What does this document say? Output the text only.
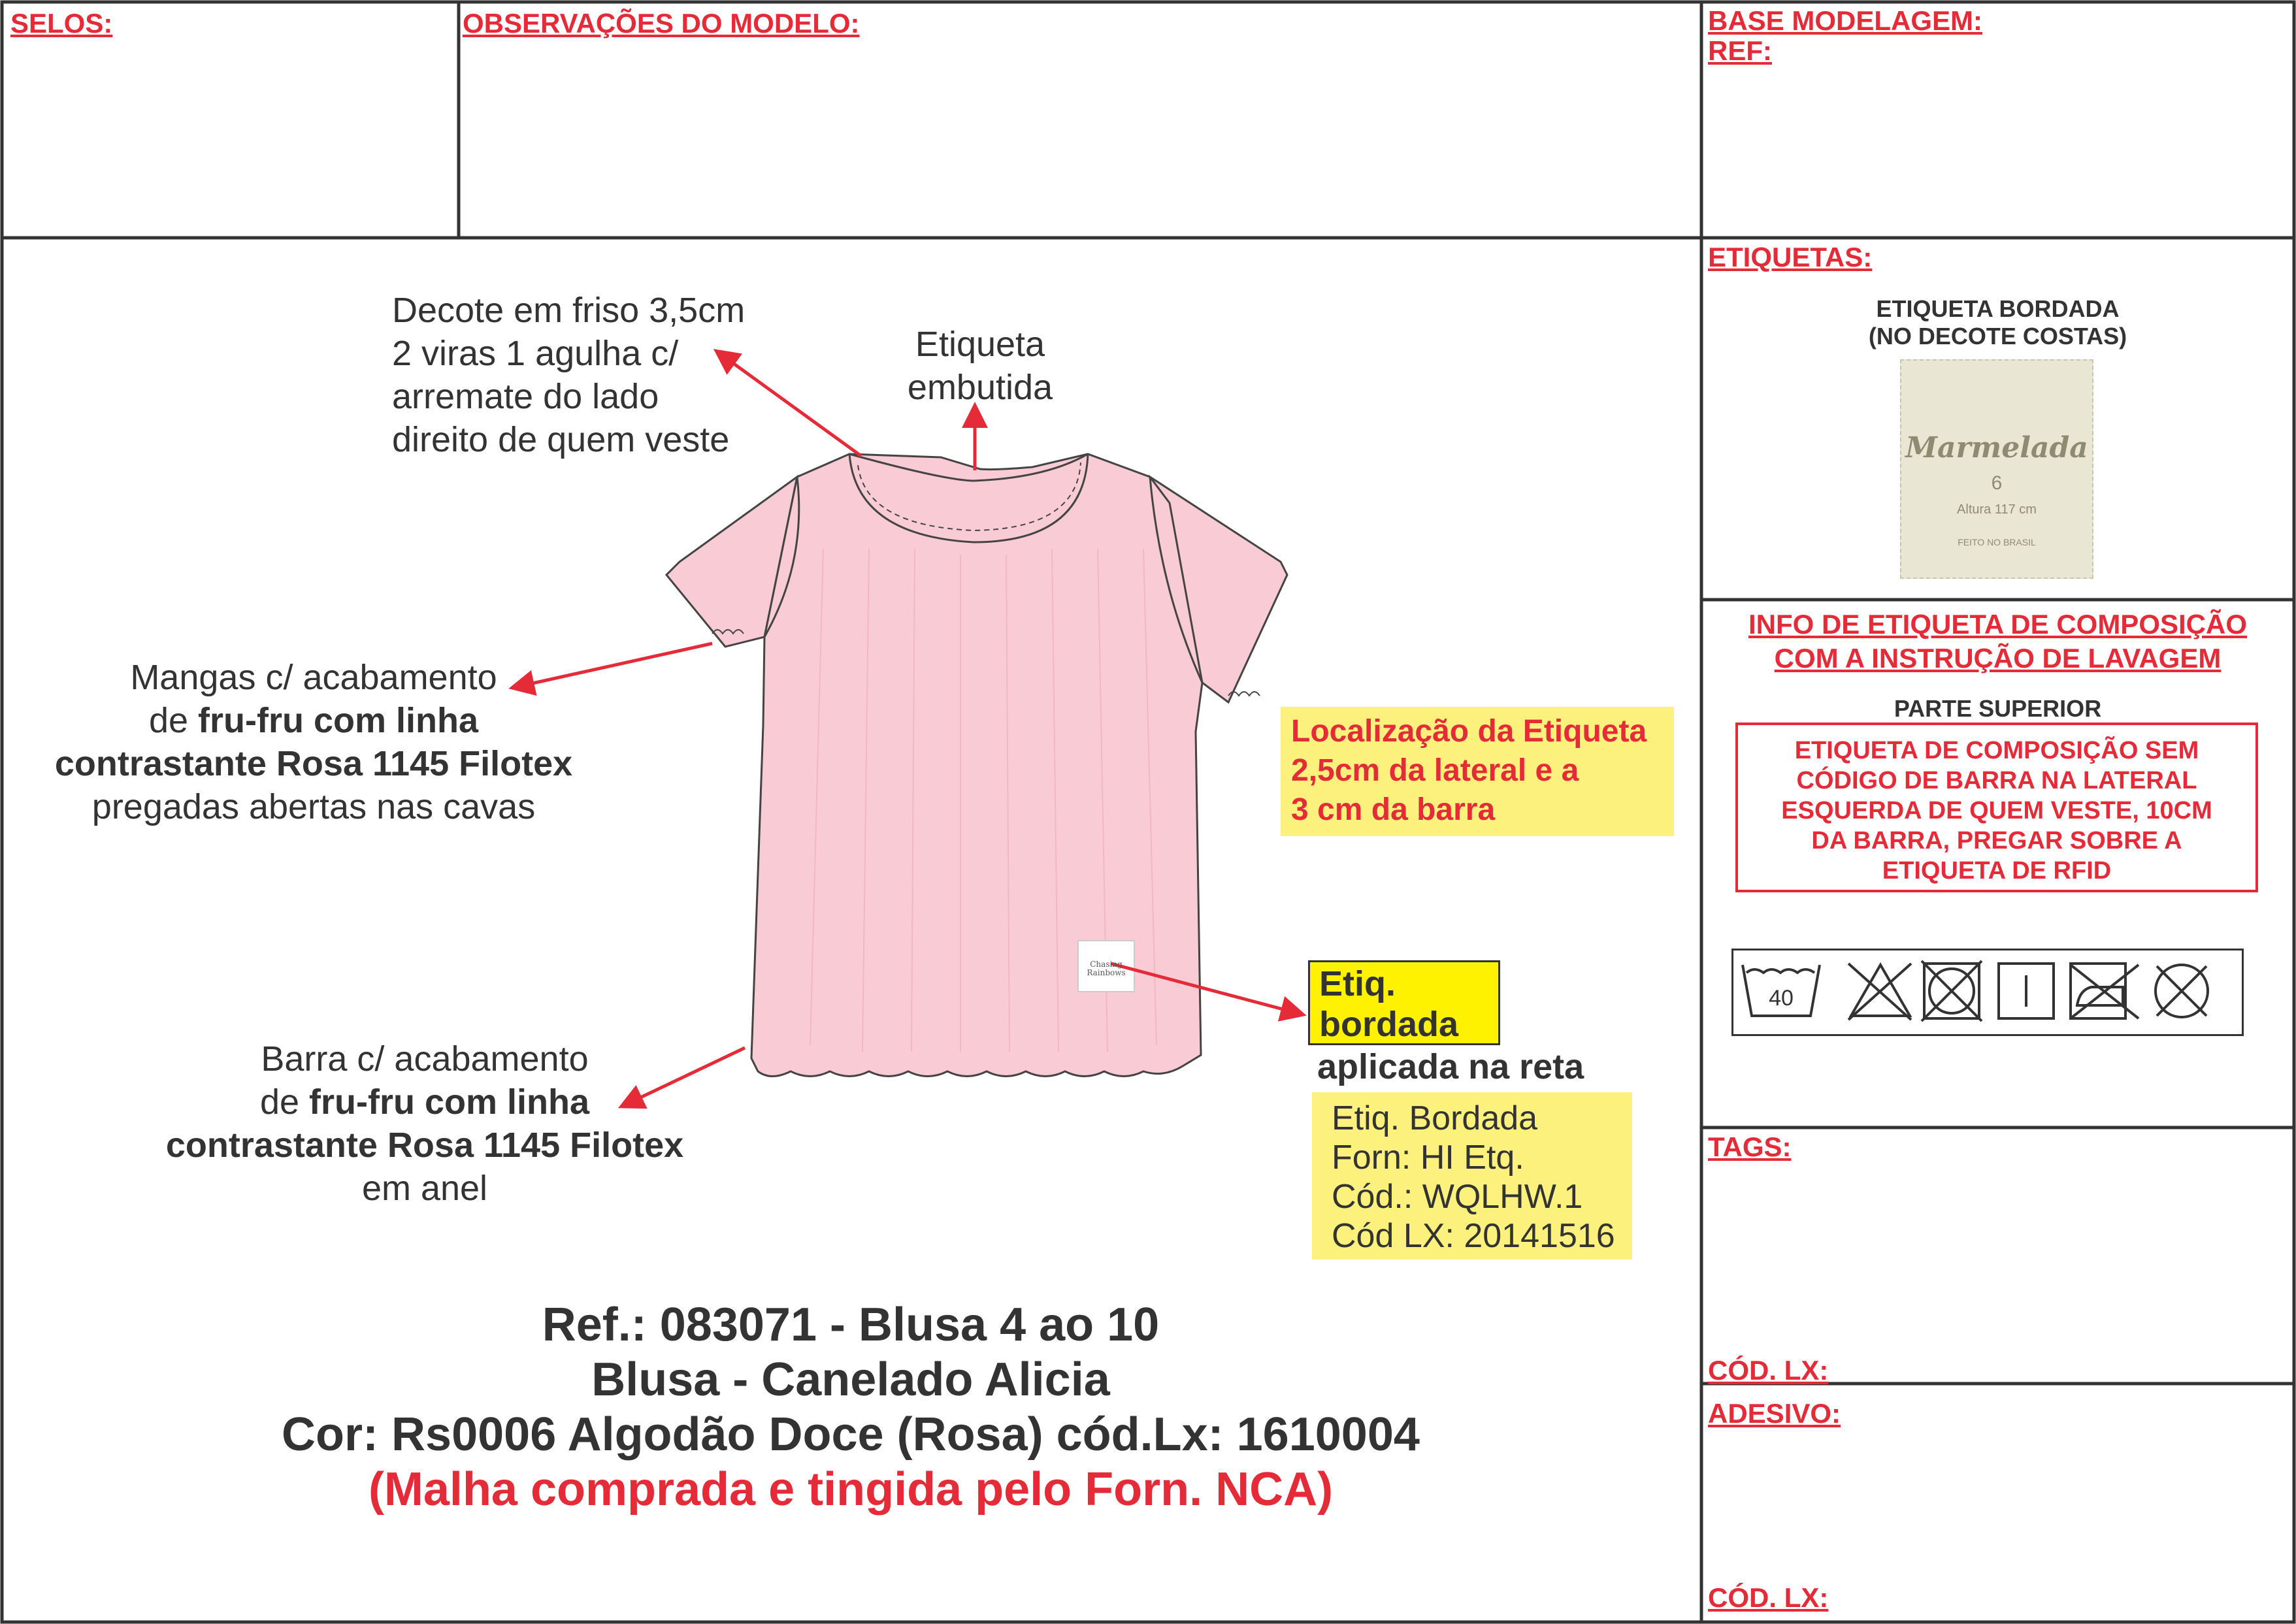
SELOS:	OBSERVAÇÕES DO MODELO:	BASE MODELAGEM:
REF:
ETIQUETAS:
ETIQUETA BORDADA
(NO DECOTE COSTAS)
Marmelada
6
Altura 117 cm
FEITO NO BRASIL
INFO DE ETIQUETA DE COMPOSIÇÃO
COM A INSTRUÇÃO DE LAVAGEM
PARTE SUPERIOR
ETIQUETA DE COMPOSIÇÃO SEM
CÓDIGO DE BARRA NA LATERAL
ESQUERDA DE QUEM VESTE, 10CM
DA BARRA, PREGAR SOBRE A
ETIQUETA DE RFID
40
TAGS:
CÓD. LX:
ADESIVO:
CÓD. LX:
Decote em friso 3,5cm
2 viras 1 agulha c/
arremate do lado
direito de quem veste
Etiqueta
embutida
Mangas c/ acabamento
de fru-fru com linha
contrastante Rosa 1145 Filotex
pregadas abertas nas cavas
Barra c/ acabamento
de fru-fru com linha
contrastante Rosa 1145 Filotex
em anel
Localização da Etiqueta
2,5cm da lateral e a
3 cm da barra
Etiq.
bordada
aplicada na reta
Etiq. Bordada
Forn: HI Etq.
Cód.: WQLHW.1
Cód LX: 20141516
Chasing
Rainbows
Ref.: 083071 - Blusa 4 ao 10
Blusa - Canelado Alicia
Cor: Rs0006 Algodão Doce (Rosa) cód.Lx: 1610004
(Malha comprada e tingida pelo Forn. NCA)
